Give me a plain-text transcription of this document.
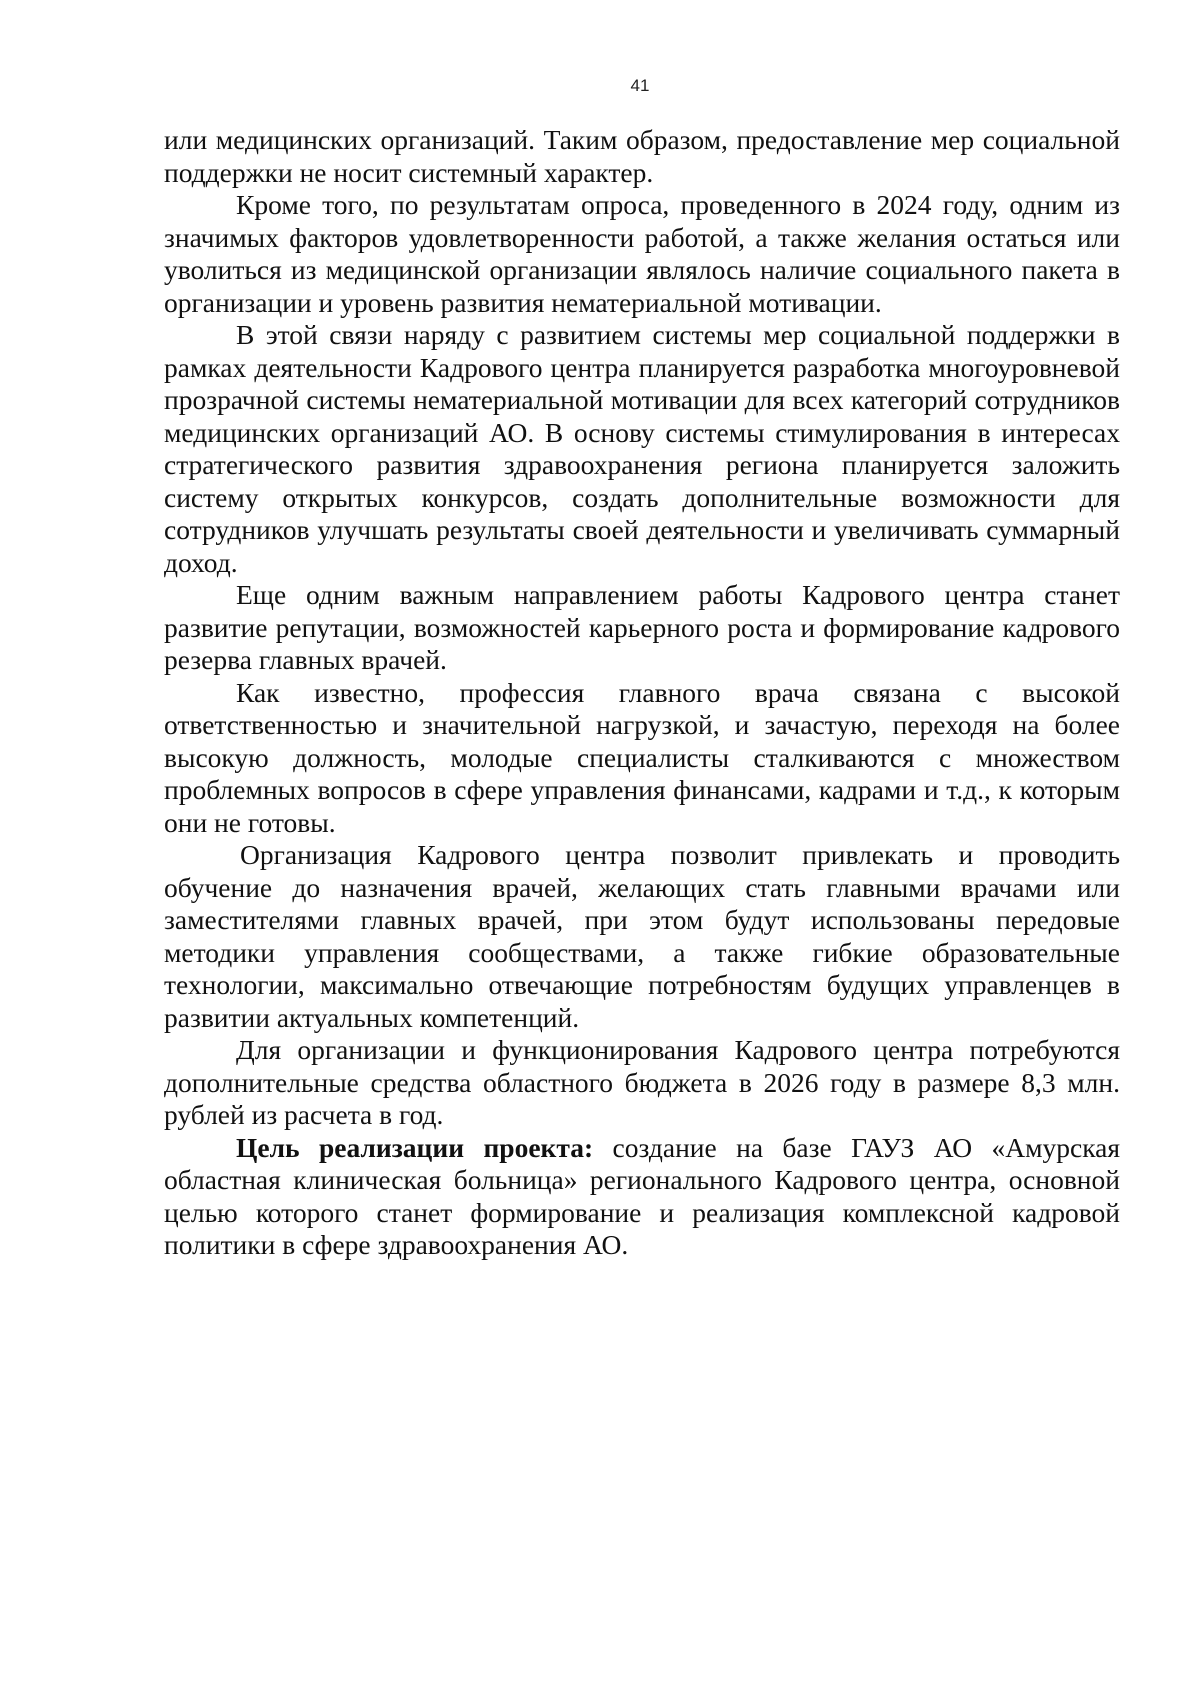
41

или медицинских организаций. Таким образом, предоставление мер социальной поддержки не носит системный характер.

Кроме того, по результатам опроса, проведенного в 2024 году, одним из значимых факторов удовлетворенности работой, а также желания остаться или уволиться из медицинской организации являлось наличие социального пакета в организации и уровень развития нематериальной мотивации.

В этой связи наряду с развитием системы мер социальной поддержки в рамках деятельности Кадрового центра планируется разработка многоуровневой прозрачной системы нематериальной мотивации для всех категорий сотрудников медицинских организаций АО. В основу системы стимулирования в интересах стратегического развития здравоохранения региона планируется заложить систему открытых конкурсов, создать дополнительные возможности для сотрудников улучшать результаты своей деятельности и увеличивать суммарный доход.

Еще одним важным направлением работы Кадрового центра станет развитие репутации, возможностей карьерного роста и формирование кадрового резерва главных врачей.

Как известно, профессия главного врача связана с высокой ответственностью и значительной нагрузкой, и зачастую, переходя на более высокую должность, молодые специалисты сталкиваются с множеством проблемных вопросов в сфере управления финансами, кадрами и т.д., к которым они не готовы.

Организация Кадрового центра позволит привлекать и проводить обучение до назначения врачей, желающих стать главными врачами или заместителями главных врачей, при этом будут использованы передовые методики управления сообществами, а также гибкие образовательные технологии, максимально отвечающие потребностям будущих управленцев в развитии актуальных компетенций.

Для организации и функционирования Кадрового центра потребуются дополнительные средства областного бюджета в 2026 году в размере 8,3 млн. рублей из расчета в год.

Цель реализации проекта: создание на базе ГАУЗ АО «Амурская областная клиническая больница» регионального Кадрового центра, основной целью которого станет формирование и реализация комплексной кадровой политики в сфере здравоохранения АО.
